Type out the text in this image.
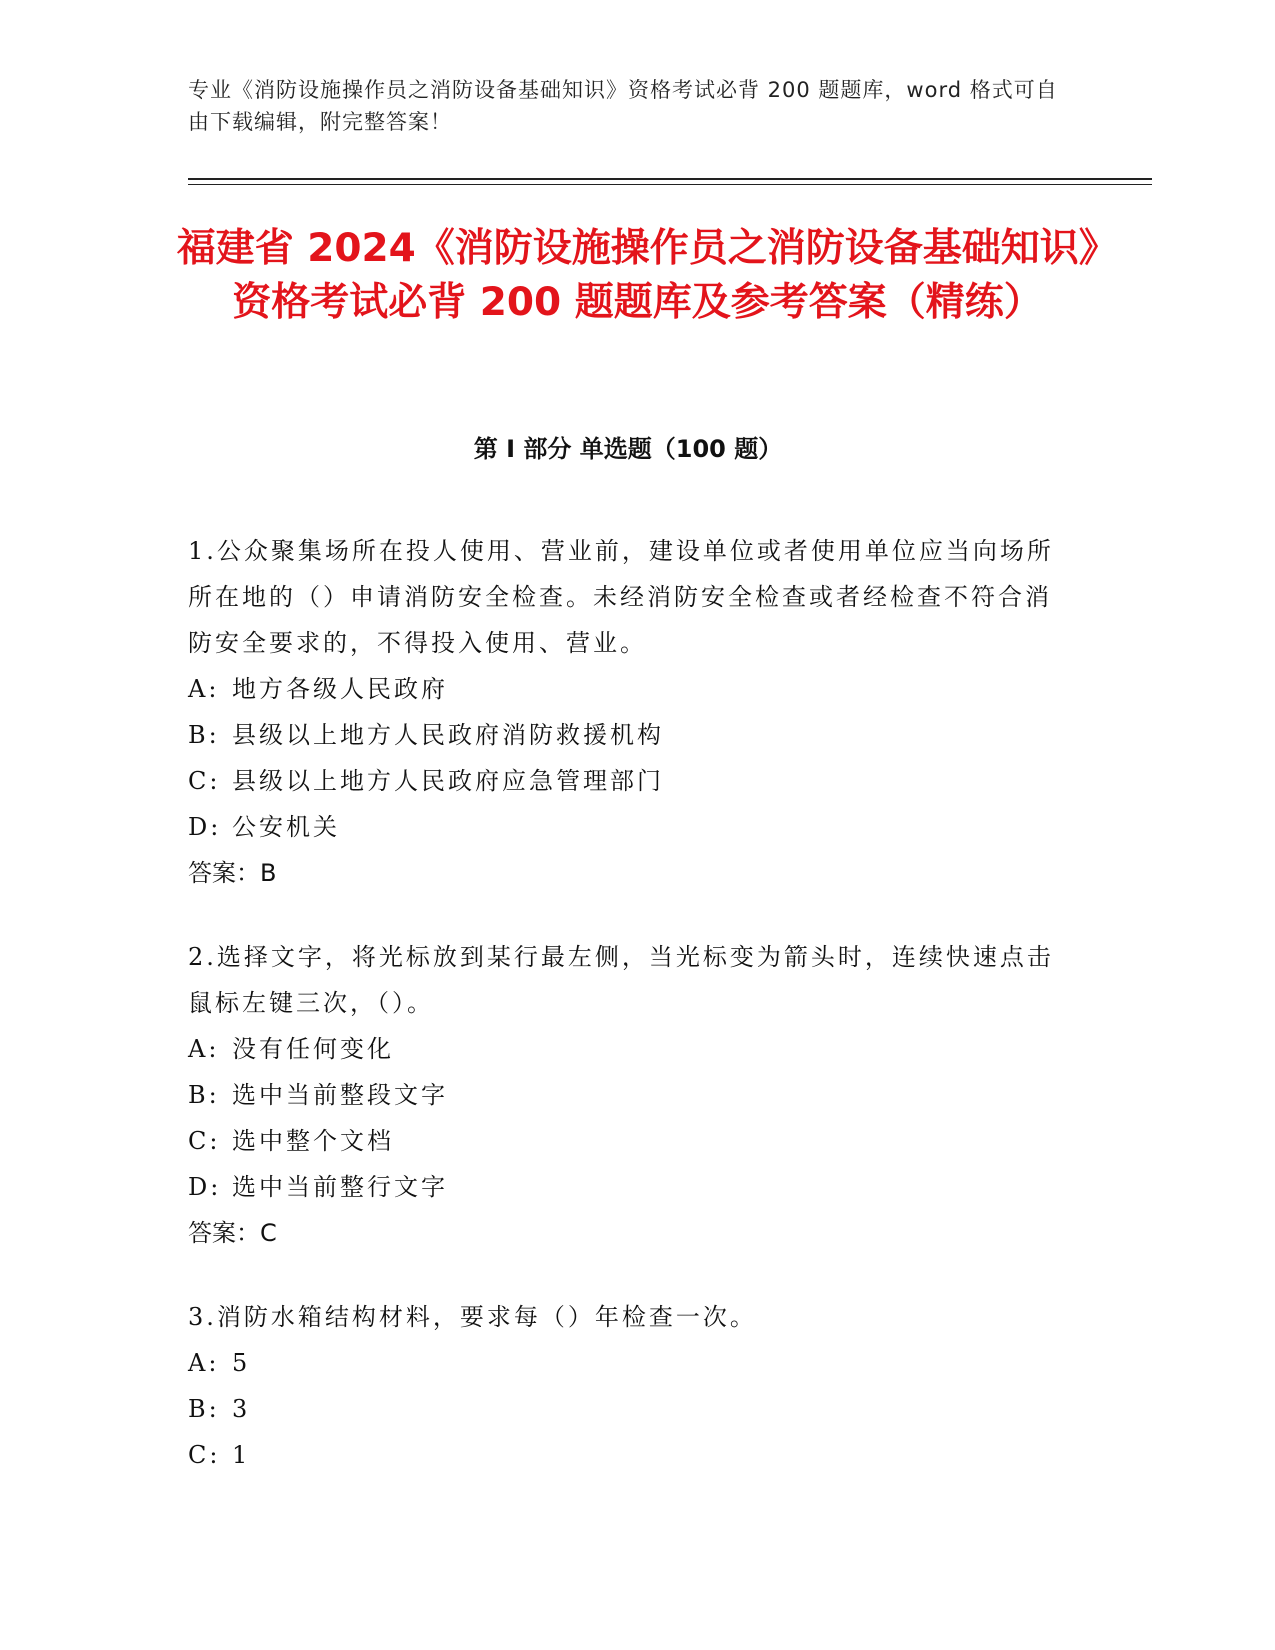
专业《消防设施操作员之消防设备基础知识》资格考试必背 200 题题库，word 格式可自由下载编辑，附完整答案！
福建省 2024《消防设施操作员之消防设备基础知识》资格考试必背 200 题题库及参考答案（精练）
第 I 部分 单选题（100 题）

1.公众聚集场所在投人使用、营业前，建设单位或者使用单位应当向场所所在地的（）申请消防安全检查。未经消防安全检查或者经检查不符合消防安全要求的，不得投入使用、营业。

A: 地方各级人民政府

B: 县级以上地方人民政府消防救援机构

C: 县级以上地方人民政府应急管理部门

D: 公安机关

答案：B

2.选择文字，将光标放到某行最左侧，当光标变为箭头时，连续快速点击鼠标左键三次，（）。

A: 没有任何变化

B: 选中当前整段文字

C: 选中整个文档

D: 选中当前整行文字

答案：C

3.消防水箱结构材料，要求每（）年检查一次。

A: 5

B: 3

C: 1
